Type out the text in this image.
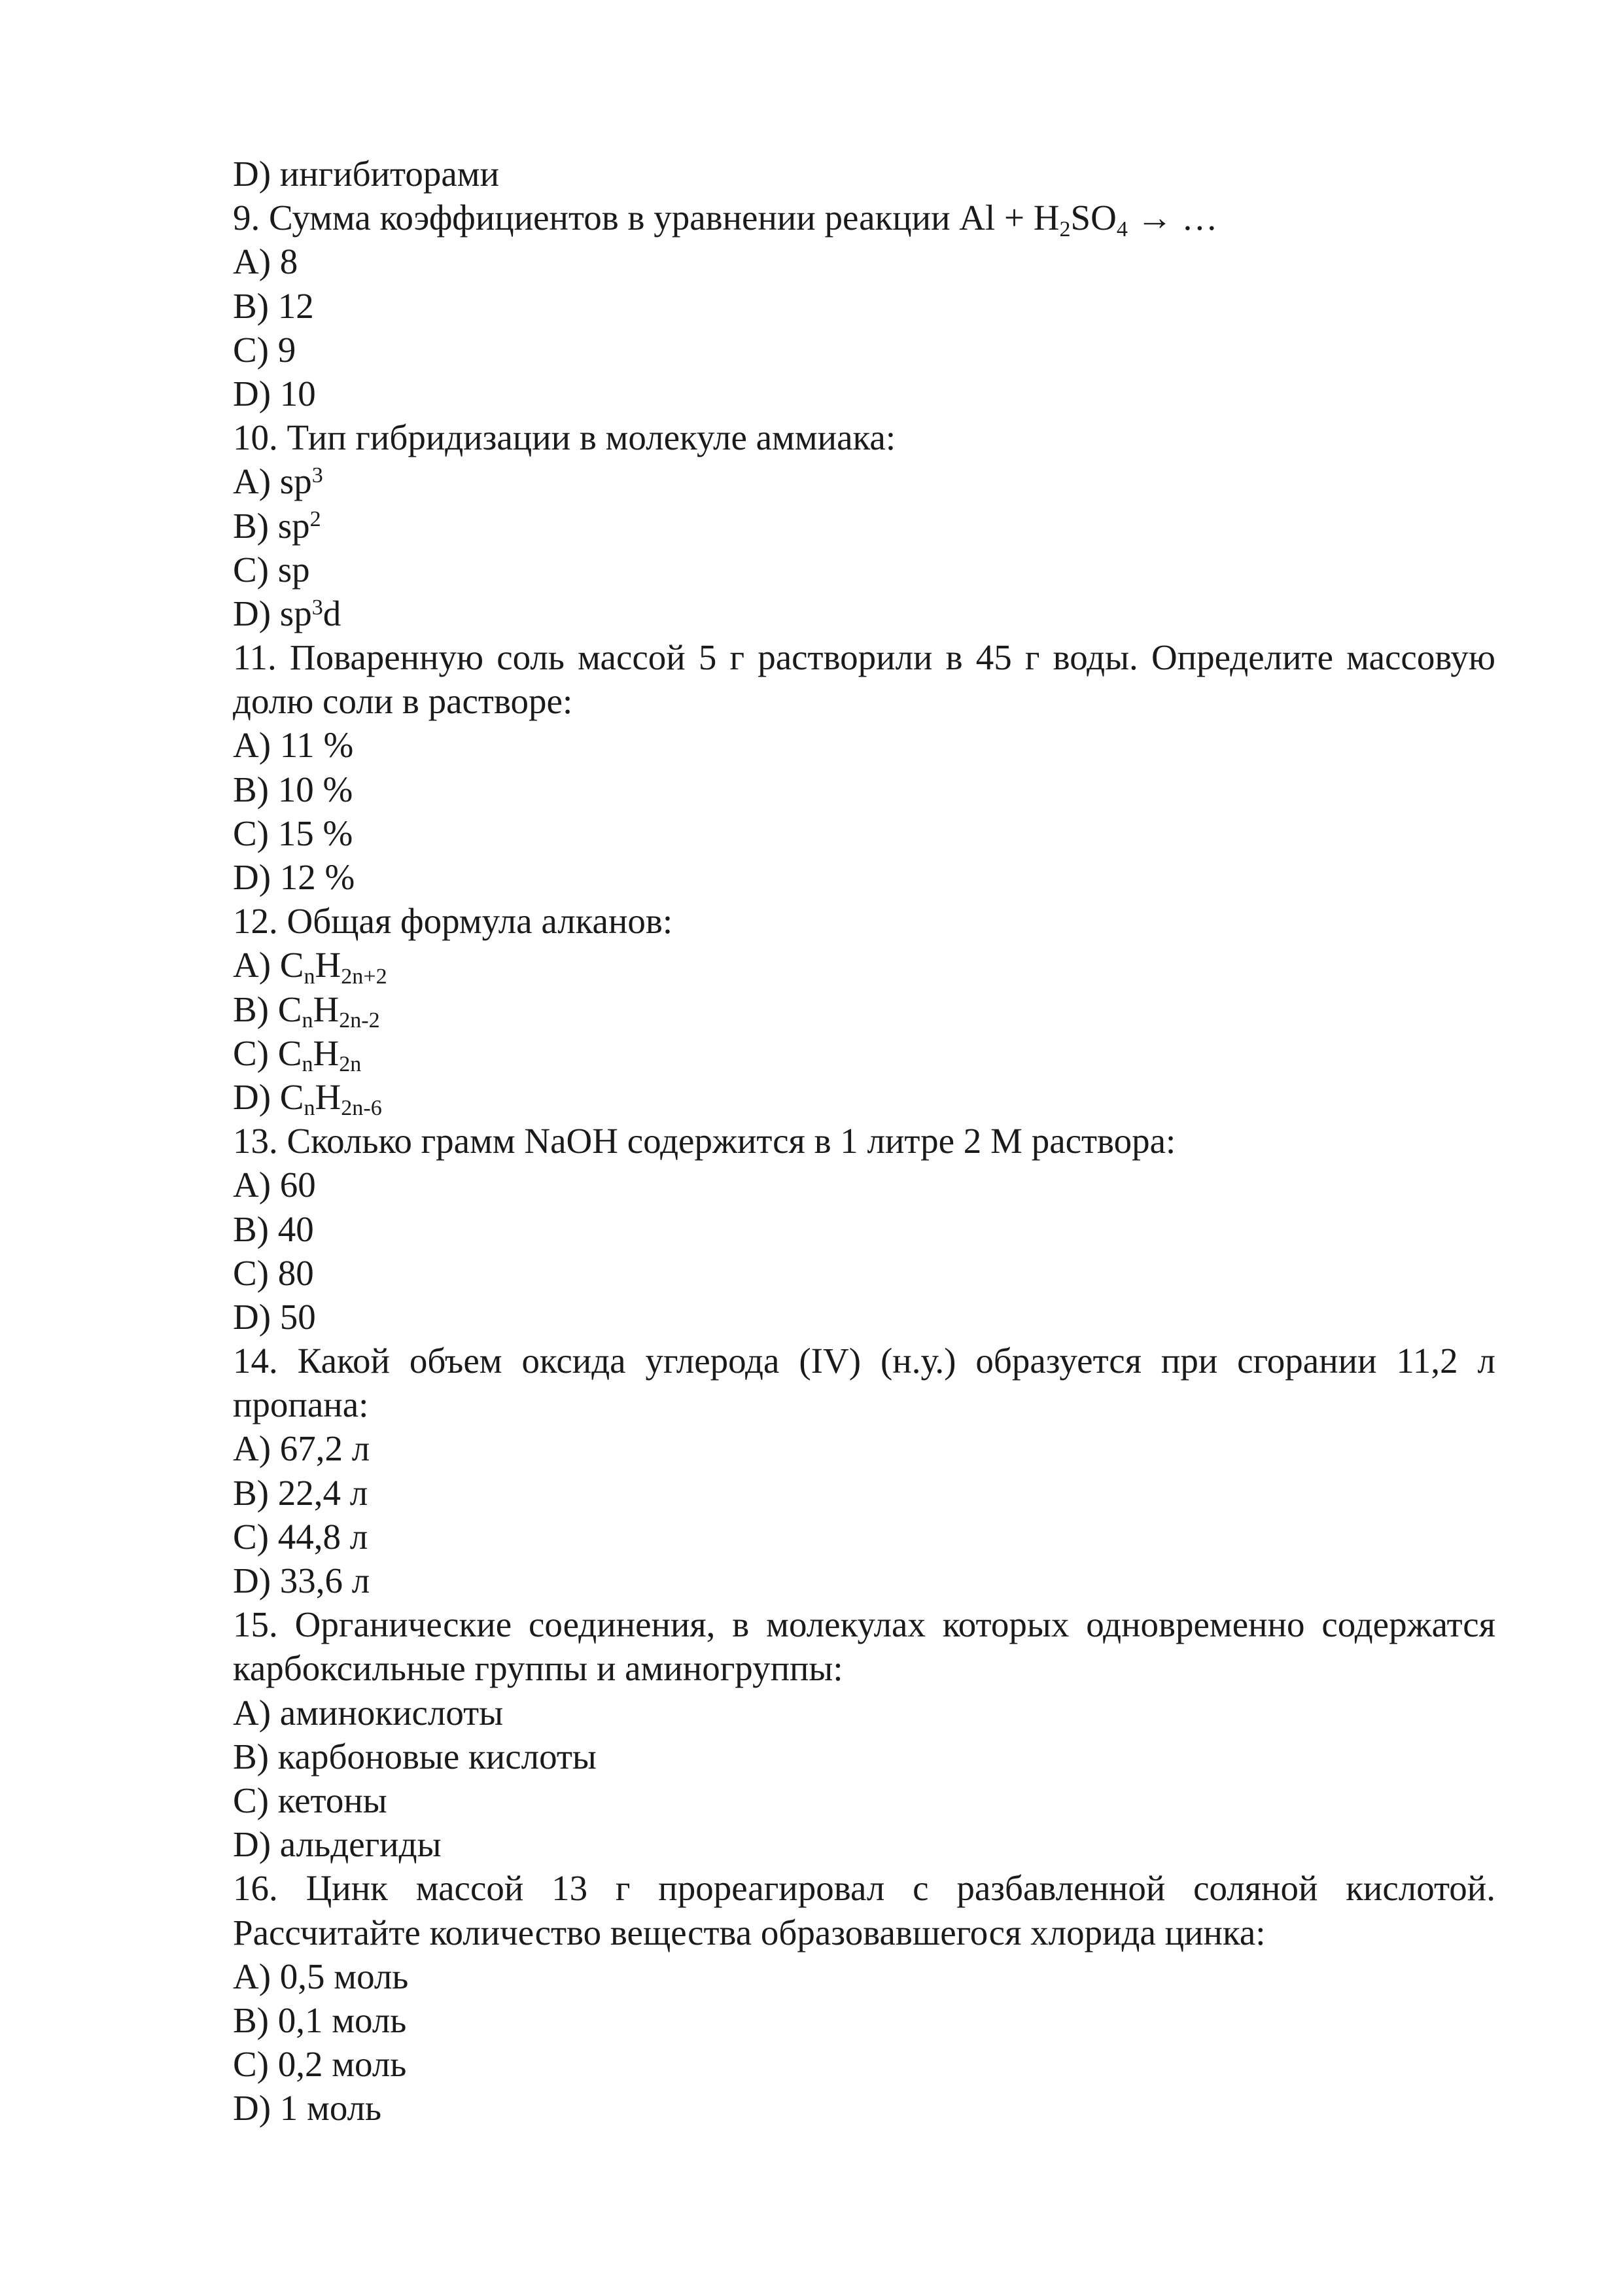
D) ингибиторами
9. Сумма коэффициентов в уравнении реакции $Al + H_2SO_4$ → …
A) 8
B) 12
C) 9
D) 10
10. Тип гибридизации в молекуле аммиака:
A) $sp^3$
B) $sp^2$
C) sp
D) $sp^3d$
11. Поваренную соль массой 5 г растворили в 45 г воды. Определите массовую
долю соли в растворе:
A) 11 %
B) 10 %
C) 15 %
D) 12 %
12. Общая формула алканов:
A) $C_nH_{2n+2}$
B) $C_nH_{2n-2}$
C) $C_nH_{2n}$
D) $C_nH_{2n-6}$
13. Сколько грамм NaOH содержится в 1 литре 2 М раствора:
A) 60
B) 40
C) 80
D) 50
14. Какой объем оксида углерода (IV) (н.у.) образуется при сгорании 11,2 л
пропана:
A) 67,2 л
B) 22,4 л
C) 44,8 л
D) 33,6 л
15. Органические соединения, в молекулах которых одновременно содержатся
карбоксильные группы и аминогруппы:
A) аминокислоты
B) карбоновые кислоты
C) кетоны
D) альдегиды
16. Цинк массой 13 г прореагировал с разбавленной соляной кислотой.
Рассчитайте количество вещества образовавшегося хлорида цинка:
A) 0,5 моль
B) 0,1 моль
C) 0,2 моль
D) 1 моль
